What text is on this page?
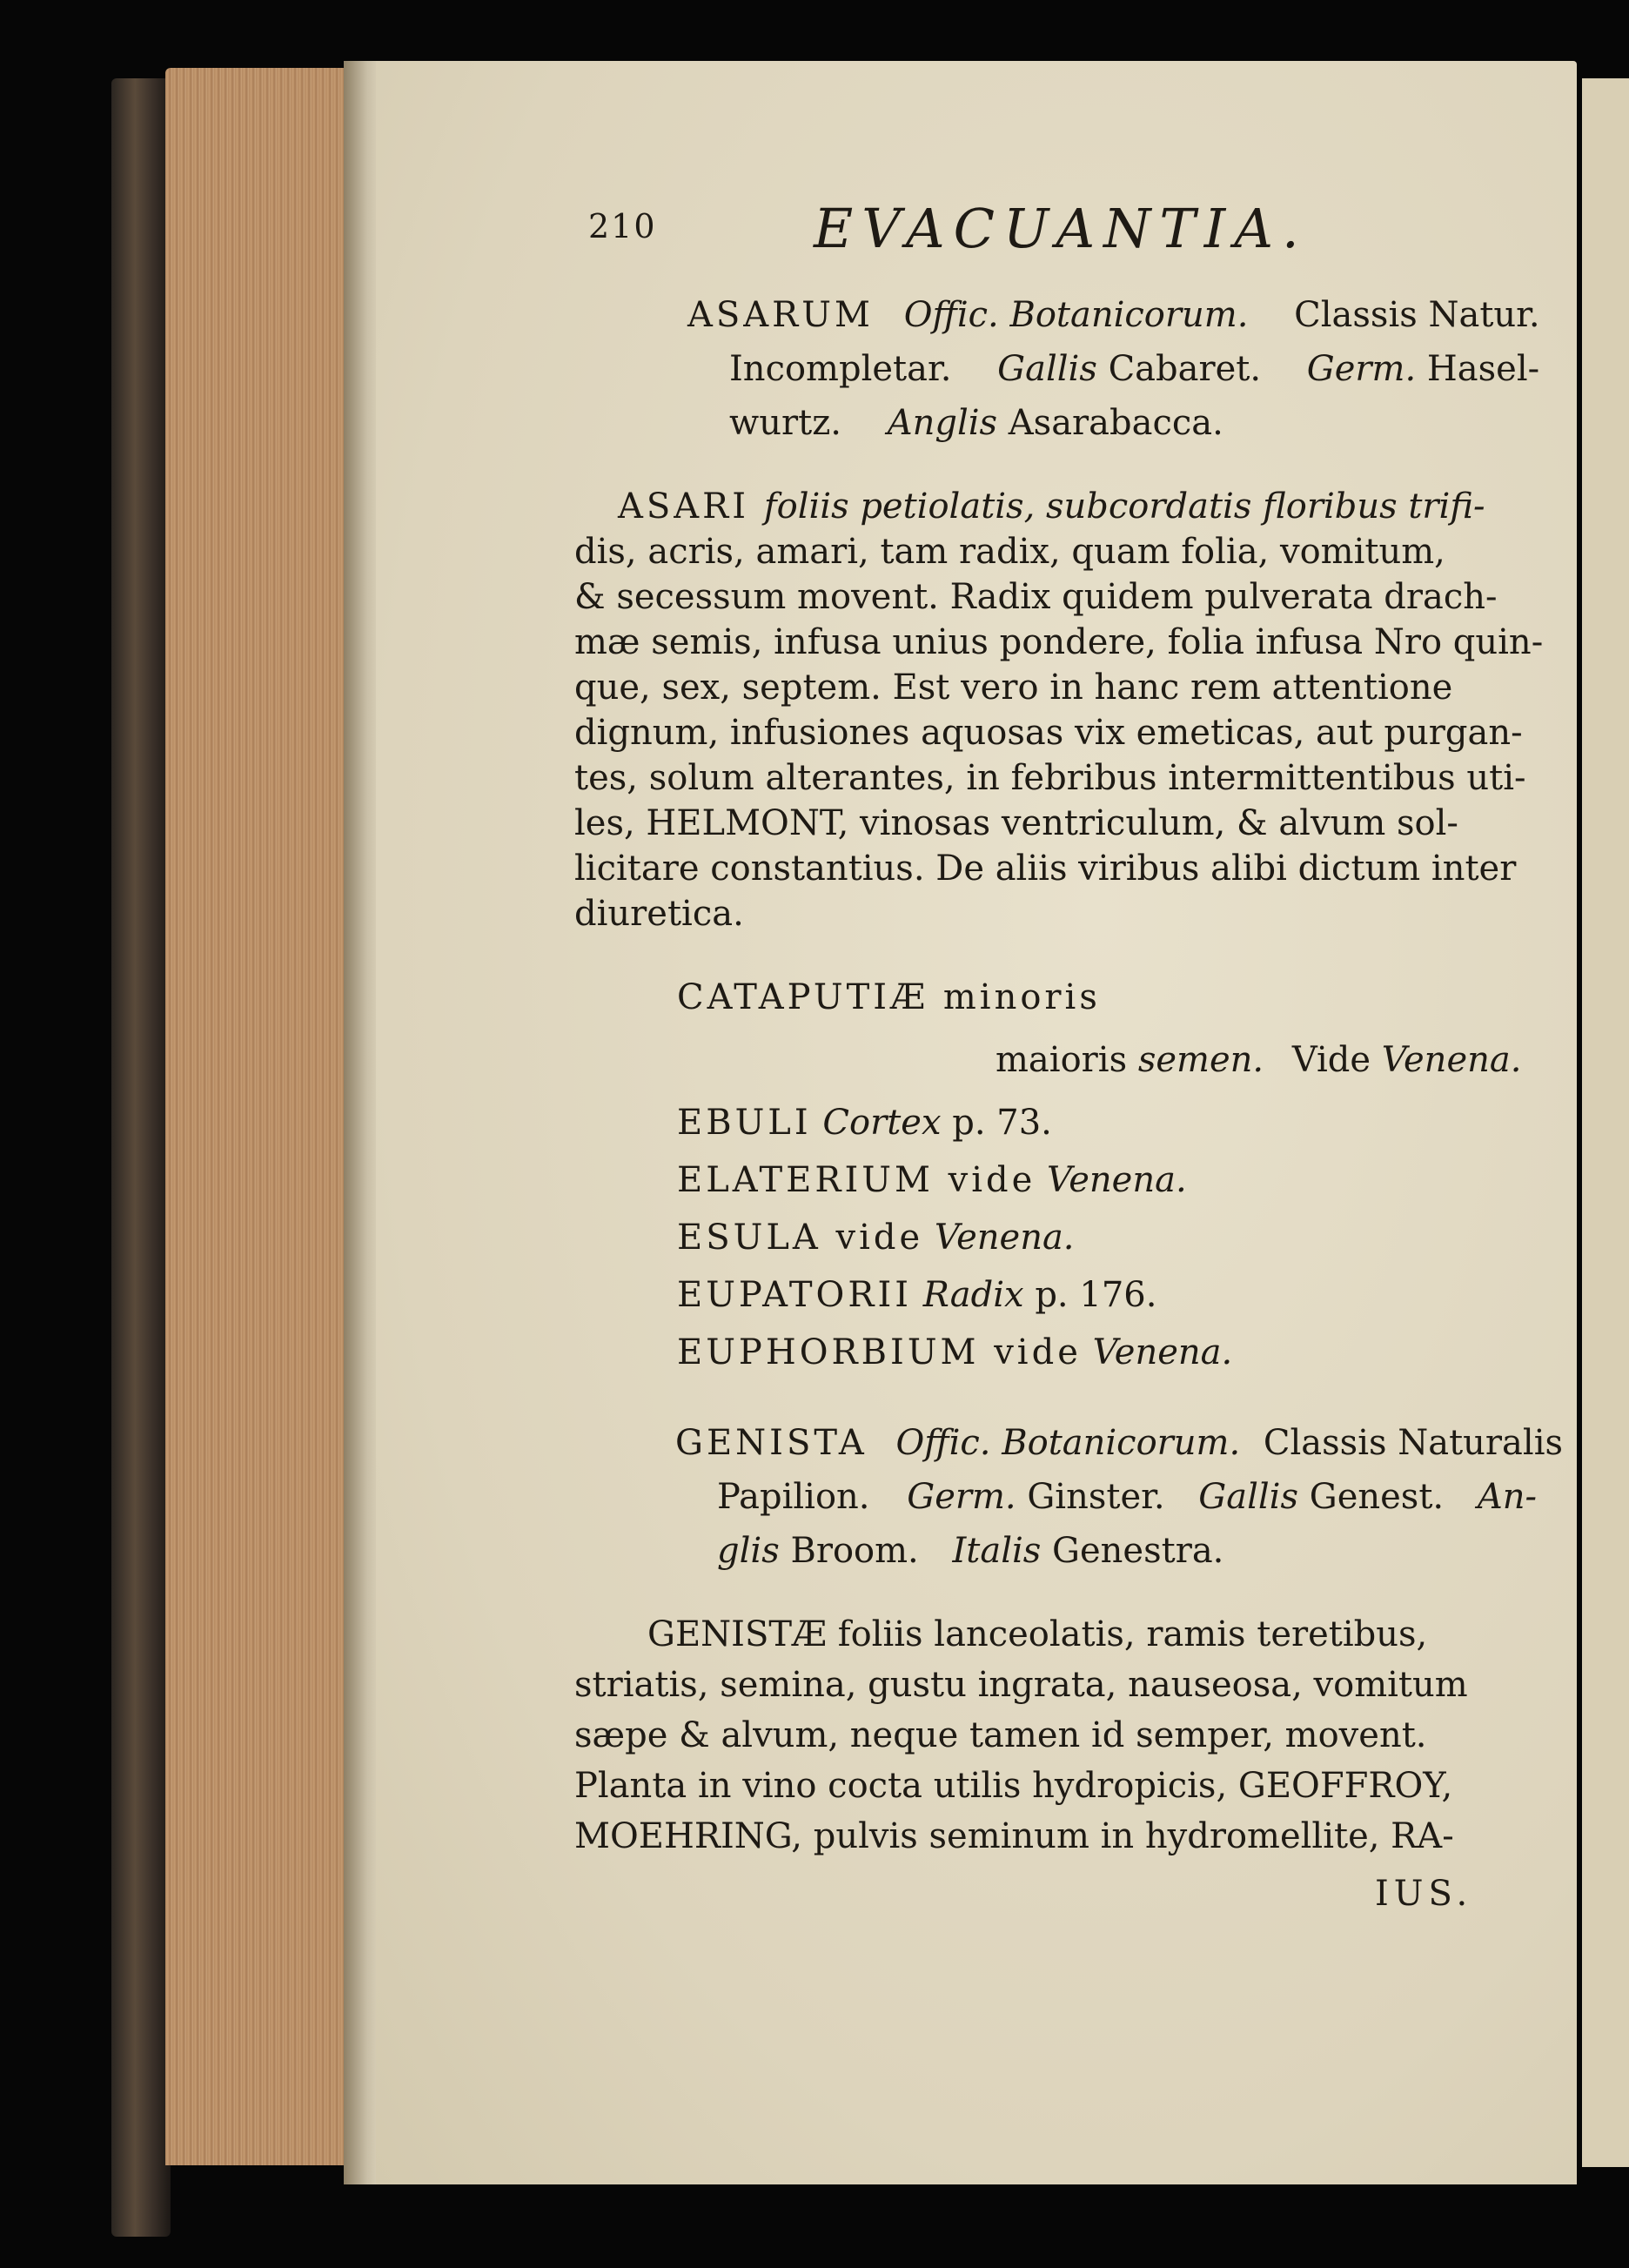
210	EVACUANTIA.
ASARUM Offic. Botanicorum. Classis Natur.
Incompletar. Gallis Cabaret. Germ. Hasel-
wurtz. Anglis Asarabacca.
ASARI foliis petiolatis, subcordatis floribus trifi-
dis, acris, amari, tam radix, quam folia, vomitum,
& secessum movent. Radix quidem pulverata drach-
mæ semis, infusa unius pondere, folia infusa Nro quin-
que, sex, septem. Est vero in hanc rem attentione
dignum, infusiones aquosas vix emeticas, aut purgan-
tes, solum alterantes, in febribus intermittentibus uti-
les, HELMONT, vinosas ventriculum, & alvum sol-
licitare constantius. De aliis viribus alibi dictum inter
diuretica.
CATAPUTIÆ minoris
maioris semen. Vide Venena.
EBULI Cortex p. 73.
ELATERIUM vide Venena.
ESULA vide Venena.
EUPATORII Radix p. 176.
EUPHORBIUM vide Venena.
GENISTA Offic. Botanicorum. Classis Naturalis
Papilion. Germ. Ginster. Gallis Genest. An-
glis Broom. Italis Genestra.
GENISTÆ foliis lanceolatis, ramis teretibus,
striatis, semina, gustu ingrata, nauseosa, vomitum
sæpe & alvum, neque tamen id semper, movent.
Planta in vino cocta utilis hydropicis, GEOFFROY,
MOEHRING, pulvis seminum in hydromellite, RA-
IUS.
